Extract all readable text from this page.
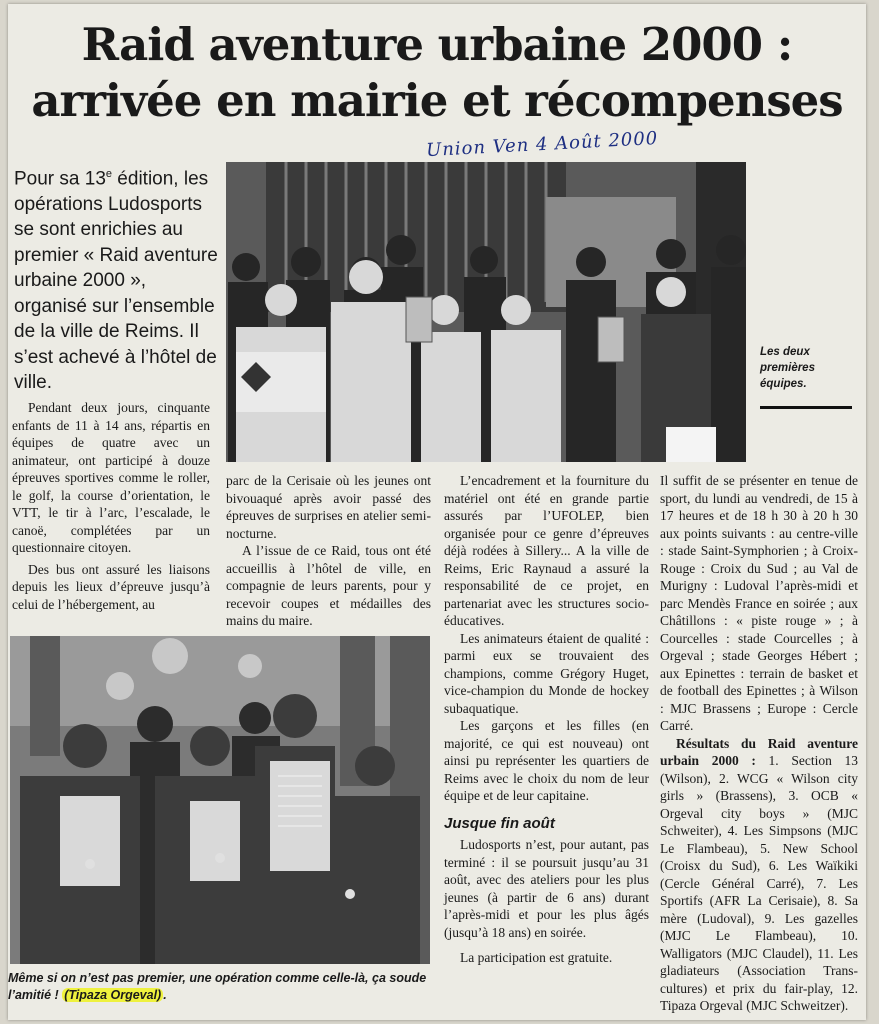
Raid aventure urbaine 2000 :
arrivée en mairie et récompenses
Union Ven 4 Août 2000
Pour sa 13e édition, les opérations Ludosports se sont enrichies au premier « Raid aventure urbaine 2000 », organisé sur l’ensemble de la ville de Reims. Il s’est achevé à l’hôtel de ville.
Les deux premières équipes.

Pendant deux jours, cinquante enfants de 11 à 14 ans, répartis en équipes de quatre avec un animateur, ont participé à douze épreuves sportives comme le roller, le golf, la course d’orientation, le VTT, le tir à l’arc, l’escalade, le canoë, complétées par un questionnaire citoyen.

Des bus ont assuré les liaisons depuis les lieux d’épreuve jusqu’à celui de l’hébergement, au

parc de la Cerisaie où les jeunes ont bivouaqué après avoir passé des épreuves de surprises en atelier semi-nocturne.

A l’issue de ce Raid, tous ont été accueillis à l’hôtel de ville, en compagnie de leurs parents, pour y recevoir coupes et médailles des mains du maire.

L’encadrement et la fourniture du matériel ont été en grande partie assurés par l’UFOLEP, bien organisée pour ce genre d’épreuves déjà rodées à Sillery... A la ville de Reims, Eric Raynaud a assuré la responsabilité de ce projet, en partenariat avec les structures socio-éducatives.

Les animateurs étaient de qualité : parmi eux se trouvaient des champions, comme Grégory Huget, vice-champion du Monde de hockey subaquatique.

Les garçons et les filles (en majorité, ce qui est nouveau) ont ainsi pu représenter les quartiers de Reims avec le choix du nom de leur équipe et de leur capitaine.

Jusque fin août

Ludosports n’est, pour autant, pas terminé : il se poursuit jusqu’au 31 août, avec des ateliers pour les plus jeunes (à partir de 6 ans) durant l’après-midi et pour les plus âgés (jusqu’à 18 ans) en soirée.

La participation est gratuite.

Il suffit de se présenter en tenue de sport, du lundi au vendredi, de 15 à 17 heures et de 18 h 30 à 20 h 30 aux points suivants : au centre-ville : stade Saint-Symphorien ; à Croix-Rouge : Croix du Sud ; au Val de Murigny : Ludoval l’après-midi et parc Mendès France en soirée ; aux Châtillons : « piste rouge » ; à Courcelles : stade Courcelles ; à Orgeval ; stade Georges Hébert ; aux Epinettes : terrain de basket et de football des Epinettes ; à Wilson : MJC Brassens ; Europe : Cercle Carré.

Résultats du Raid aventure urbain 2000 : 1. Section 13 (Wilson), 2. WCG « Wilson city girls » (Brassens), 3. OCB « Orgeval city boys » (MJC Schweiter), 4. Les Simpsons (MJC Le Flambeau), 5. New School (Croisx du Sud), 6. Les Waïkiki (Cercle Général Carré), 7. Les Sportifs (AFR La Cerisaie), 8. Sa mère (Ludoval), 9. Les gazelles (MJC Le Flambeau), 10. Walligators (MJC Claudel), 11. Les gladiateurs (Association Trans-cultures) et prix du fair-play, 12. Tipaza Orgeval (MJC Schweitzer).

Même si on n’est pas premier, une opération comme celle-là, ça soude l’amitié ! (Tipaza Orgeval) .
